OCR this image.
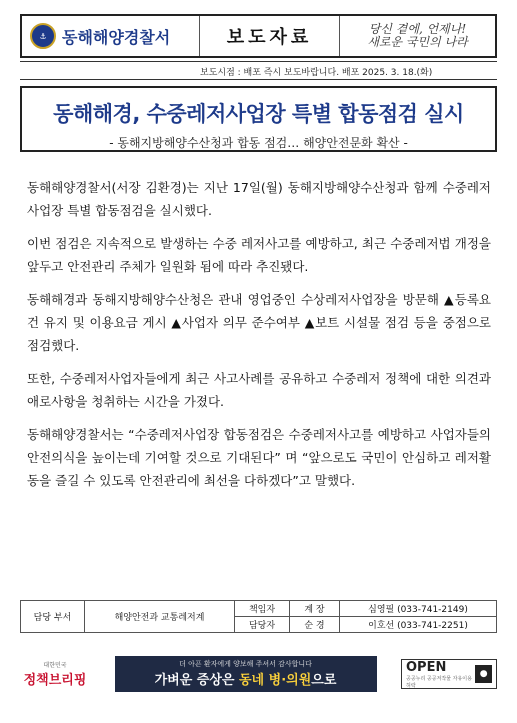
⚓ 동해해양경찰서	보도자료	당신 곁에, 언제나!
새로운 국민의 나라
보도시점 : 배포 즉시 보도바랍니다. 배포 2025. 3. 18.(화)
동해해경, 수중레저사업장 특별 합동점검 실시
- 동해지방해양수산청과 합동 점검… 해양안전문화 확산 -

동해해양경찰서(서장 김환경)는 지난 17일(월) 동해지방해양수산청과 함께 수중레저사업장 특별 합동점검을 실시했다.

이번 점검은 지속적으로 발생하는 수중 레저사고를 예방하고, 최근 수중레저법 개정을 앞두고 안전관리 주체가 일원화 됨에 따라 추진됐다.

동해해경과 동해지방해양수산청은 관내 영업중인 수상레저사업장을 방문해 ▲등록요건 유지 및 이용요금 게시 ▲사업자 의무 준수여부 ▲보트 시설물 점검 등을 중점으로 점검했다.

또한, 수중레저사업자들에게 최근 사고사례를 공유하고 수중레저 정책에 대한 의견과 애로사항을 청취하는 시간을 가졌다.

동해해양경찰서는 “수중레저사업장 합동점검은 수중레저사고를 예방하고 사업자들의 안전의식을 높이는데 기여할 것으로 기대된다” 며 “앞으로도 국민이 안심하고 레저활동을 즐길 수 있도록 안전관리에 최선을 다하겠다”고 말했다.

담당 부서	해양안전과 교통레저계	책임자	계 장	심영필 (033-741-2149)
		담당자	순 경	이호선 (033-741-2251)
대한민국
정책브리핑
더 아픈 환자에게 양보해 주셔서 감사합니다
가벼운 증상은 동네 병·의원으로
OPEN
공공누리 공공저작물 자유이용허락
●
